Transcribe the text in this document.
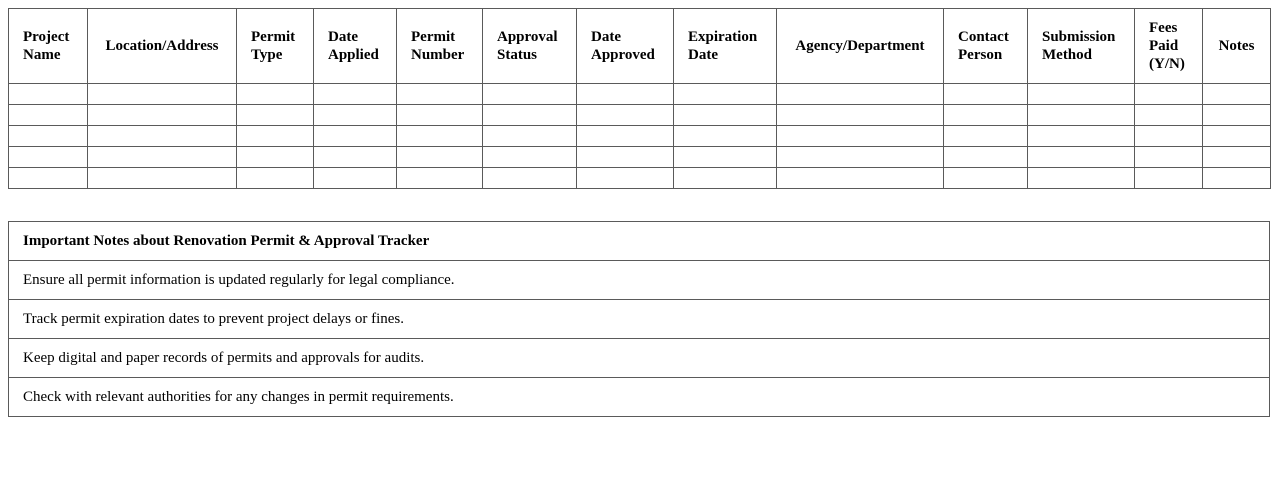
Project Name	Location/Address	Permit Type	Date Applied	Permit Number	Approval Status	Date Approved	Expiration Date	Agency/Department	Contact Person	Submission Method	Fees Paid (Y/N)	Notes

Important Notes about Renovation Permit & Approval Tracker
Ensure all permit information is updated regularly for legal compliance.
Track permit expiration dates to prevent project delays or fines.
Keep digital and paper records of permits and approvals for audits.
Check with relevant authorities for any changes in permit requirements.
